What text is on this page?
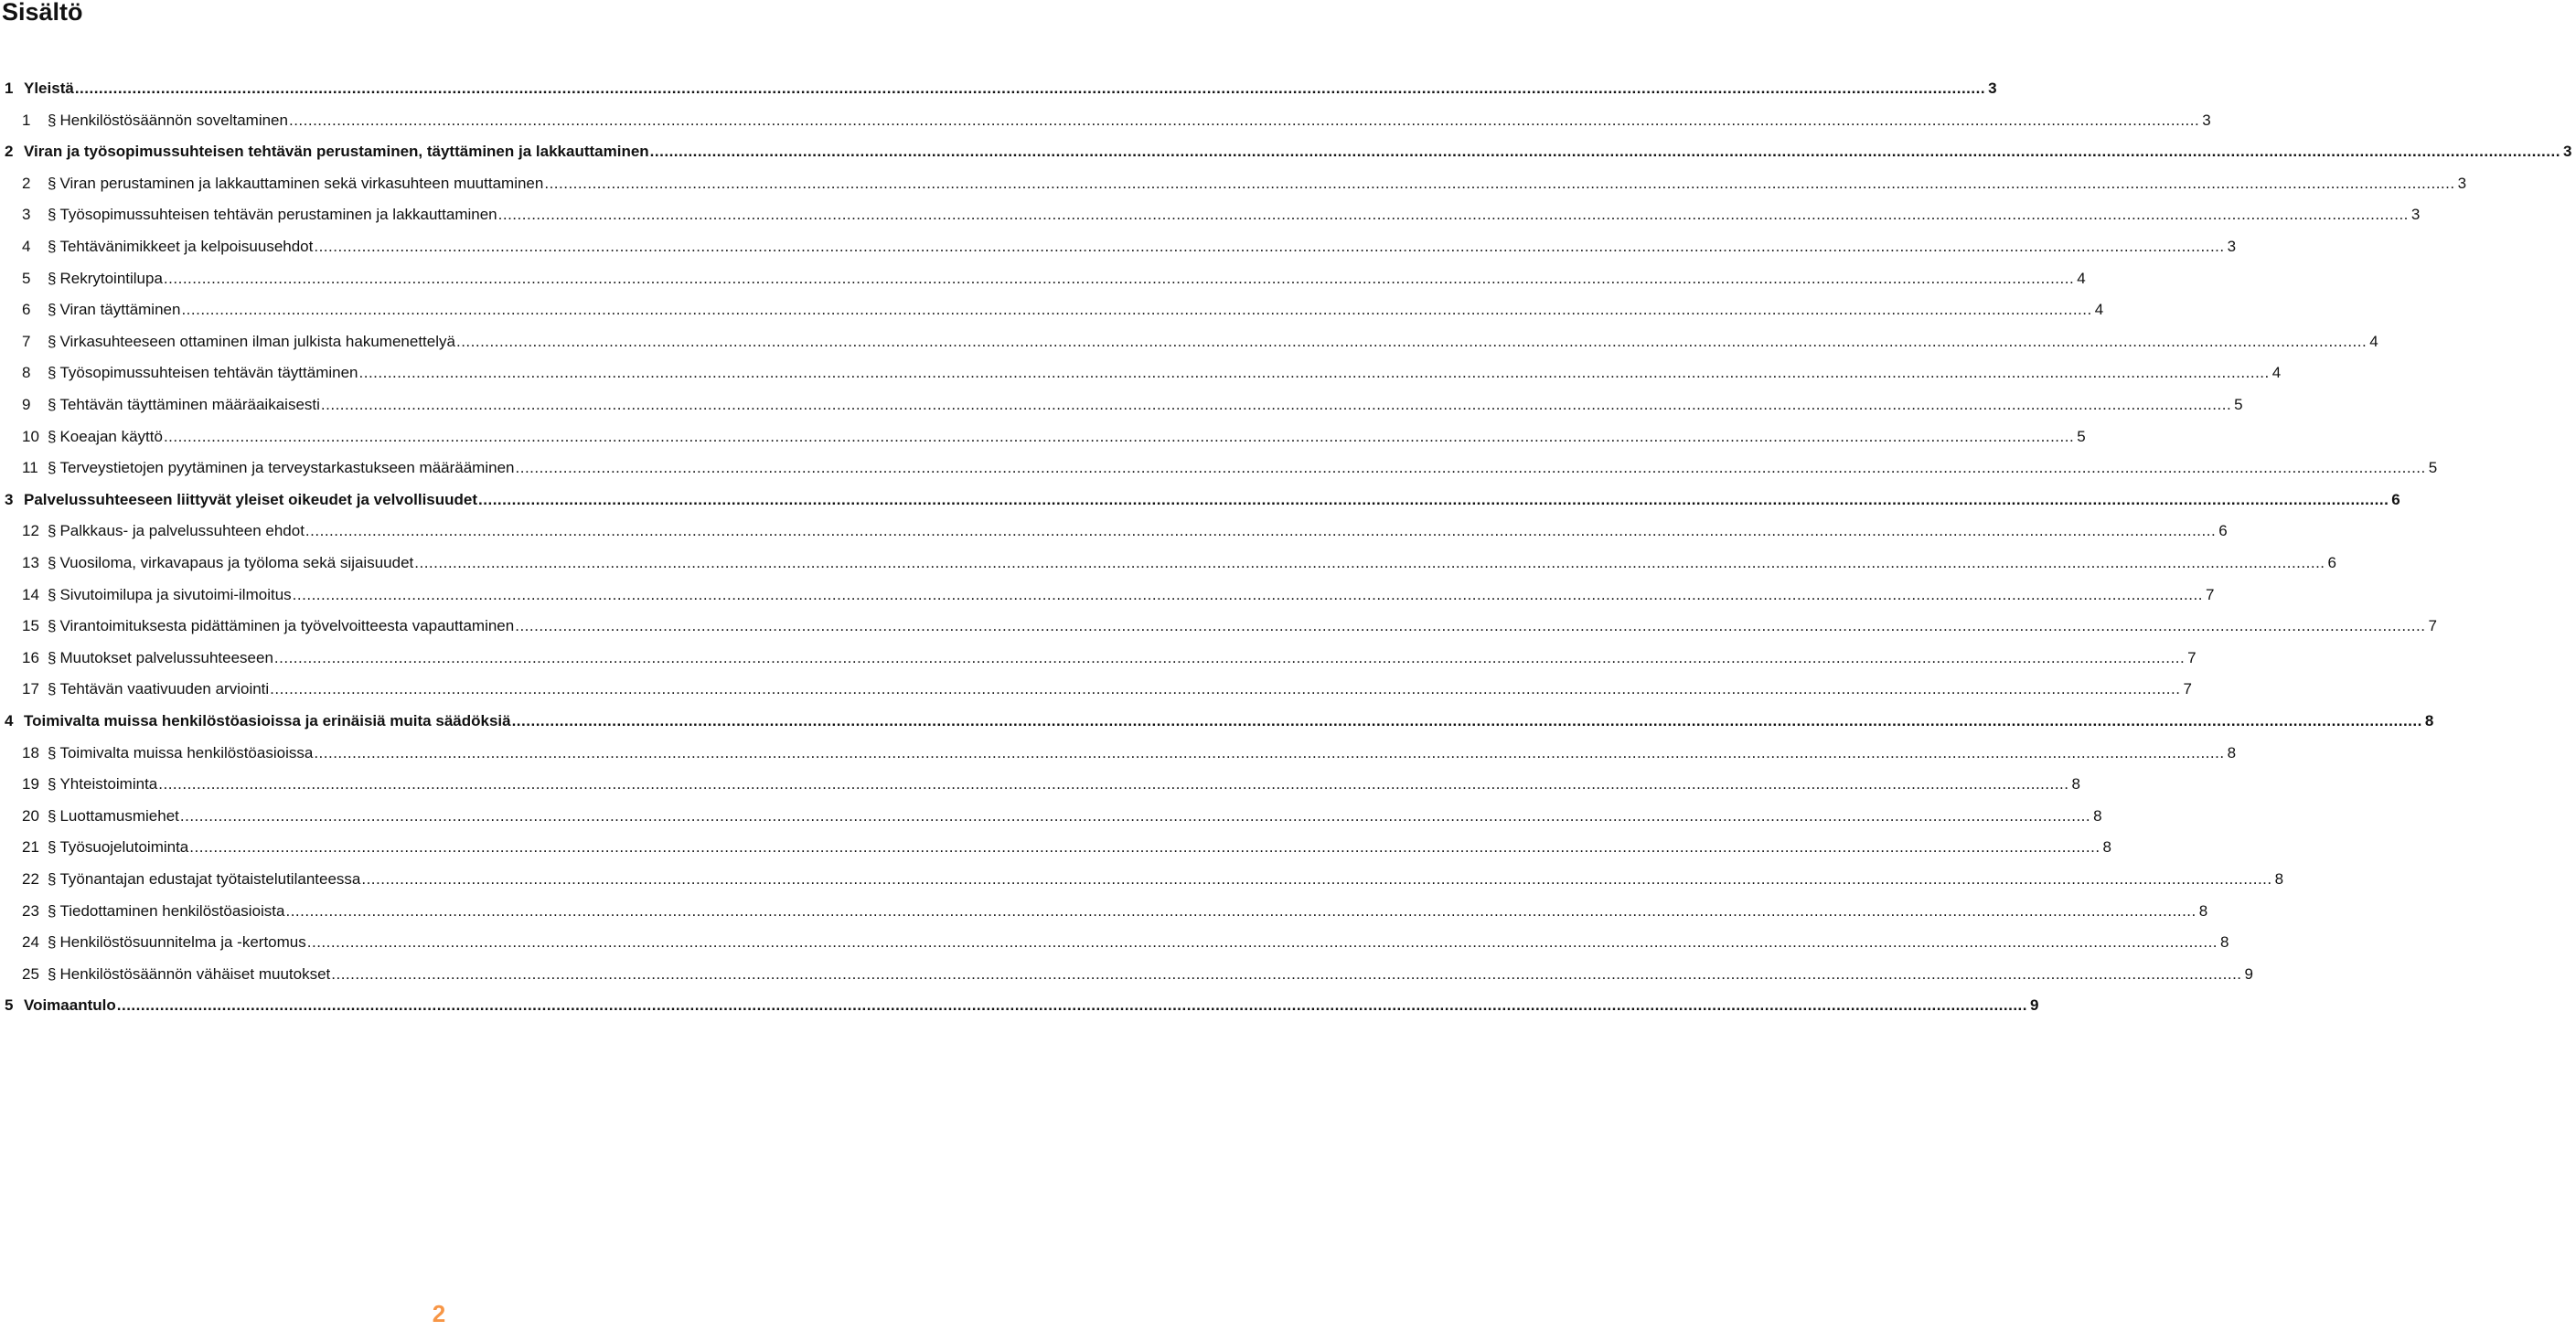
Sisältö
1 Yleistä ................................................................................................................................................................................................................................................................................................................................................................................................................ 3
1	§ Henkilöstösäännön soveltaminen ................................................................................................................................................................................................................................................................................................................................................................................................................ 3
2 Viran ja työsopimussuhteisen tehtävän perustaminen, täyttäminen ja lakkauttaminen ................................................................................................................................................................................................................................................................................................................................................................................................................ 3
2	§ Viran perustaminen ja lakkauttaminen sekä virkasuhteen muuttaminen ................................................................................................................................................................................................................................................................................................................................................................................................................ 3
3	§ Työsopimussuhteisen tehtävän perustaminen ja lakkauttaminen ................................................................................................................................................................................................................................................................................................................................................................................................................ 3
4	§ Tehtävänimikkeet ja kelpoisuusehdot ................................................................................................................................................................................................................................................................................................................................................................................................................ 3
5	§ Rekrytointilupa ................................................................................................................................................................................................................................................................................................................................................................................................................ 4
6	§ Viran täyttäminen ................................................................................................................................................................................................................................................................................................................................................................................................................ 4
7	§ Virkasuhteeseen ottaminen ilman julkista hakumenettelyä ................................................................................................................................................................................................................................................................................................................................................................................................................ 4
8	§ Työsopimussuhteisen tehtävän täyttäminen ................................................................................................................................................................................................................................................................................................................................................................................................................ 4
9	§ Tehtävän täyttäminen määräaikaisesti ................................................................................................................................................................................................................................................................................................................................................................................................................ 5
10 § Koeajan käyttö ................................................................................................................................................................................................................................................................................................................................................................................................................ 5
11 § Terveystietojen pyytäminen ja terveystarkastukseen määrääminen ................................................................................................................................................................................................................................................................................................................................................................................................................ 5
3 Palvelussuhteeseen liittyvät yleiset oikeudet ja velvollisuudet ................................................................................................................................................................................................................................................................................................................................................................................................................ 6
12 § Palkkaus- ja palvelussuhteen ehdot ................................................................................................................................................................................................................................................................................................................................................................................................................ 6
13 § Vuosiloma, virkavapaus ja työloma sekä sijaisuudet ................................................................................................................................................................................................................................................................................................................................................................................................................ 6
14 § Sivutoimilupa ja sivutoimi-ilmoitus ................................................................................................................................................................................................................................................................................................................................................................................................................ 7
15 § Virantoimituksesta pidättäminen ja työvelvoitteesta vapauttaminen ................................................................................................................................................................................................................................................................................................................................................................................................................ 7
16 § Muutokset palvelussuhteeseen ................................................................................................................................................................................................................................................................................................................................................................................................................ 7
17 § Tehtävän vaativuuden arviointi ................................................................................................................................................................................................................................................................................................................................................................................................................ 7
4 Toimivalta muissa henkilöstöasioissa ja erinäisiä muita säädöksiä ................................................................................................................................................................................................................................................................................................................................................................................................................ 8
18 § Toimivalta muissa henkilöstöasioissa ................................................................................................................................................................................................................................................................................................................................................................................................................ 8
19 § Yhteistoiminta ................................................................................................................................................................................................................................................................................................................................................................................................................ 8
20 § Luottamusmiehet ................................................................................................................................................................................................................................................................................................................................................................................................................ 8
21 § Työsuojelutoiminta ................................................................................................................................................................................................................................................................................................................................................................................................................ 8
22 § Työnantajan edustajat työtaistelutilanteessa ................................................................................................................................................................................................................................................................................................................................................................................................................ 8
23 § Tiedottaminen henkilöstöasioista ................................................................................................................................................................................................................................................................................................................................................................................................................ 8
24 § Henkilöstösuunnitelma ja -kertomus ................................................................................................................................................................................................................................................................................................................................................................................................................ 8
25 § Henkilöstösäännön vähäiset muutokset ................................................................................................................................................................................................................................................................................................................................................................................................................ 9
5 Voimaantulo ................................................................................................................................................................................................................................................................................................................................................................................................................ 9
2
